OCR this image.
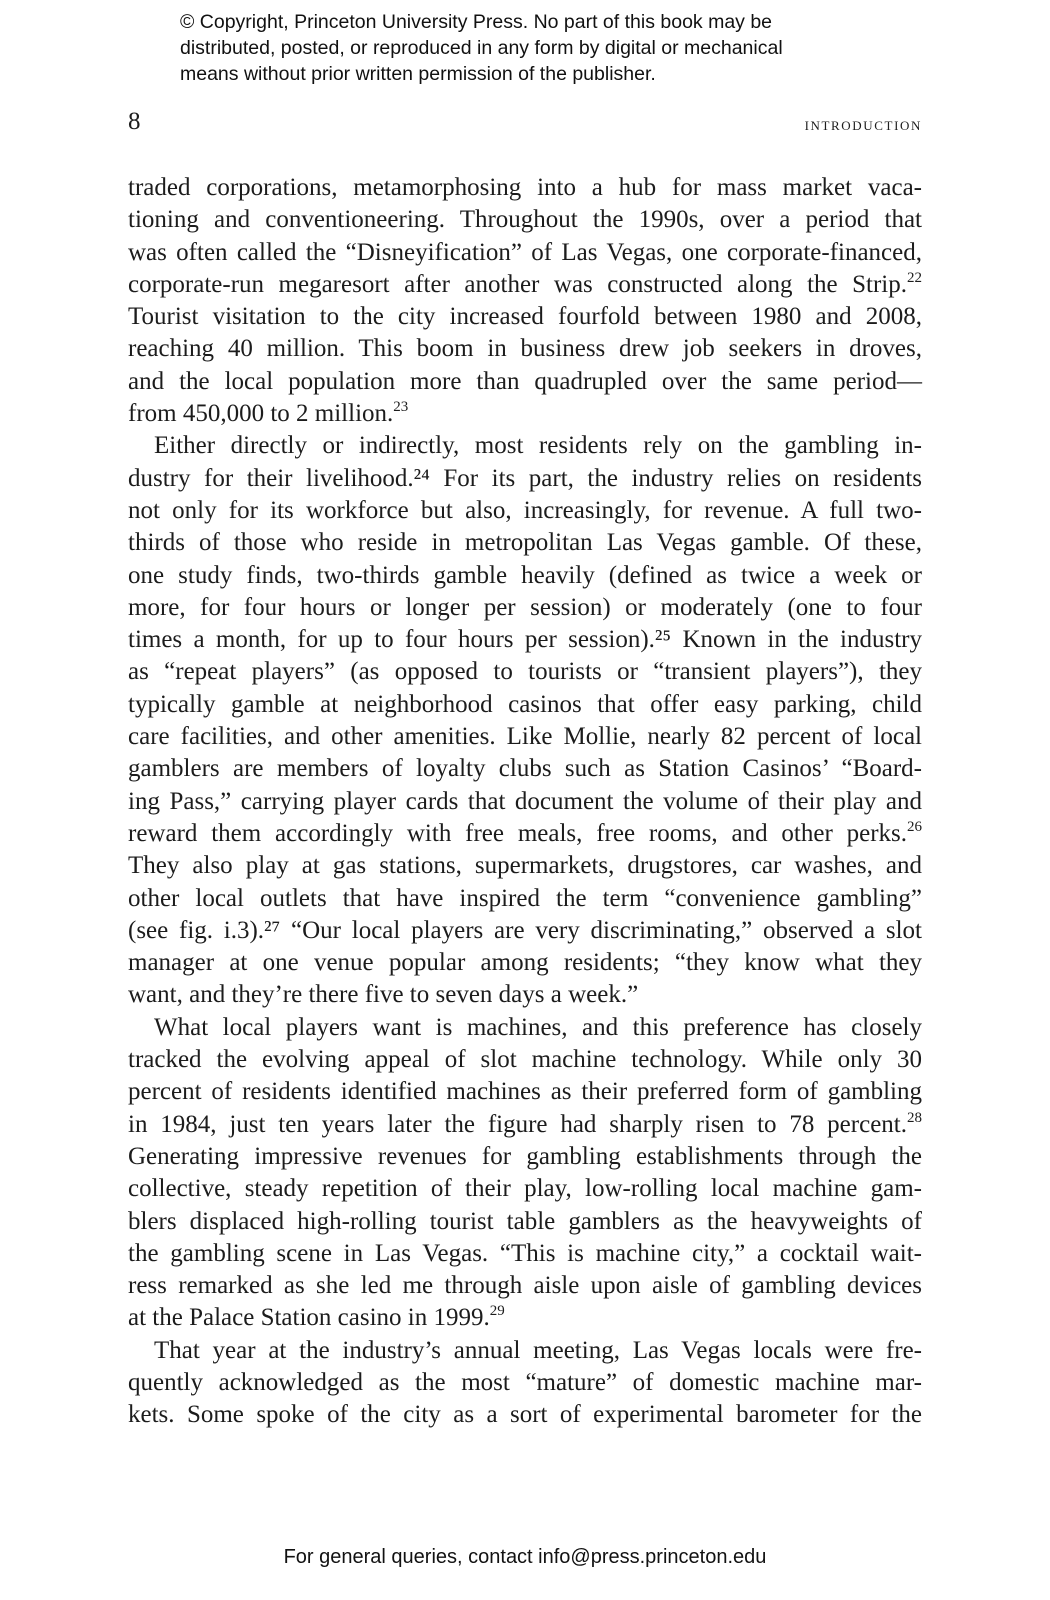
© Copyright, Princeton University Press. No part of this book may be
distributed, posted, or reproduced in any form by digital or mechanical
means without prior written permission of the publisher.
8	introduction
traded corporations, metamorphosing into a hub for mass market vaca-
tioning and conventioneering. Throughout the 1990s, over a period that
was often called the “Disneyification” of Las Vegas, one corporate-financed,
corporate-run megaresort after another was constructed along the Strip.$^{22}$
Tourist visitation to the city increased fourfold between 1980 and 2008,
reaching 40 million. This boom in business drew job seekers in droves,
and the local population more than quadrupled over the same period—
from 450,000 to 2 million.$^{23}$
Either directly or indirectly, most residents rely on the gambling in-
dustry for their livelihood.²⁴ For its part, the industry relies on residents
not only for its workforce but also, increasingly, for revenue. A full two-
thirds of those who reside in metropolitan Las Vegas gamble. Of these,
one study finds, two-thirds gamble heavily (defined as twice a week or
more, for four hours or longer per session) or moderately (one to four
times a month, for up to four hours per session).²⁵ Known in the industry
as “repeat players” (as opposed to tourists or “transient players”), they
typically gamble at neighborhood casinos that offer easy parking, child
care facilities, and other amenities. Like Mollie, nearly 82 percent of local
gamblers are members of loyalty clubs such as Station Casinos’ “Board-
ing Pass,” carrying player cards that document the volume of their play and
reward them accordingly with free meals, free rooms, and other perks.$^{26}$
They also play at gas stations, supermarkets, drugstores, car washes, and
other local outlets that have inspired the term “convenience gambling”
(see fig. i.3).²⁷ “Our local players are very discriminating,” observed a slot
manager at one venue popular among residents; “they know what they
want, and they’re there five to seven days a week.”
What local players want is machines, and this preference has closely
tracked the evolving appeal of slot machine technology. While only 30
percent of residents identified machines as their preferred form of gambling
in 1984, just ten years later the figure had sharply risen to 78 percent.$^{28}$
Generating impressive revenues for gambling establishments through the
collective, steady repetition of their play, low-rolling local machine gam-
blers displaced high-rolling tourist table gamblers as the heavyweights of
the gambling scene in Las Vegas. “This is machine city,” a cocktail wait-
ress remarked as she led me through aisle upon aisle of gambling devices
at the Palace Station casino in 1999.29
That year at the industry’s annual meeting, Las Vegas locals were fre-
quently acknowledged as the most “mature” of domestic machine mar-
kets. Some spoke of the city as a sort of experimental barometer for the
For general queries, contact info@press.princeton.edu
